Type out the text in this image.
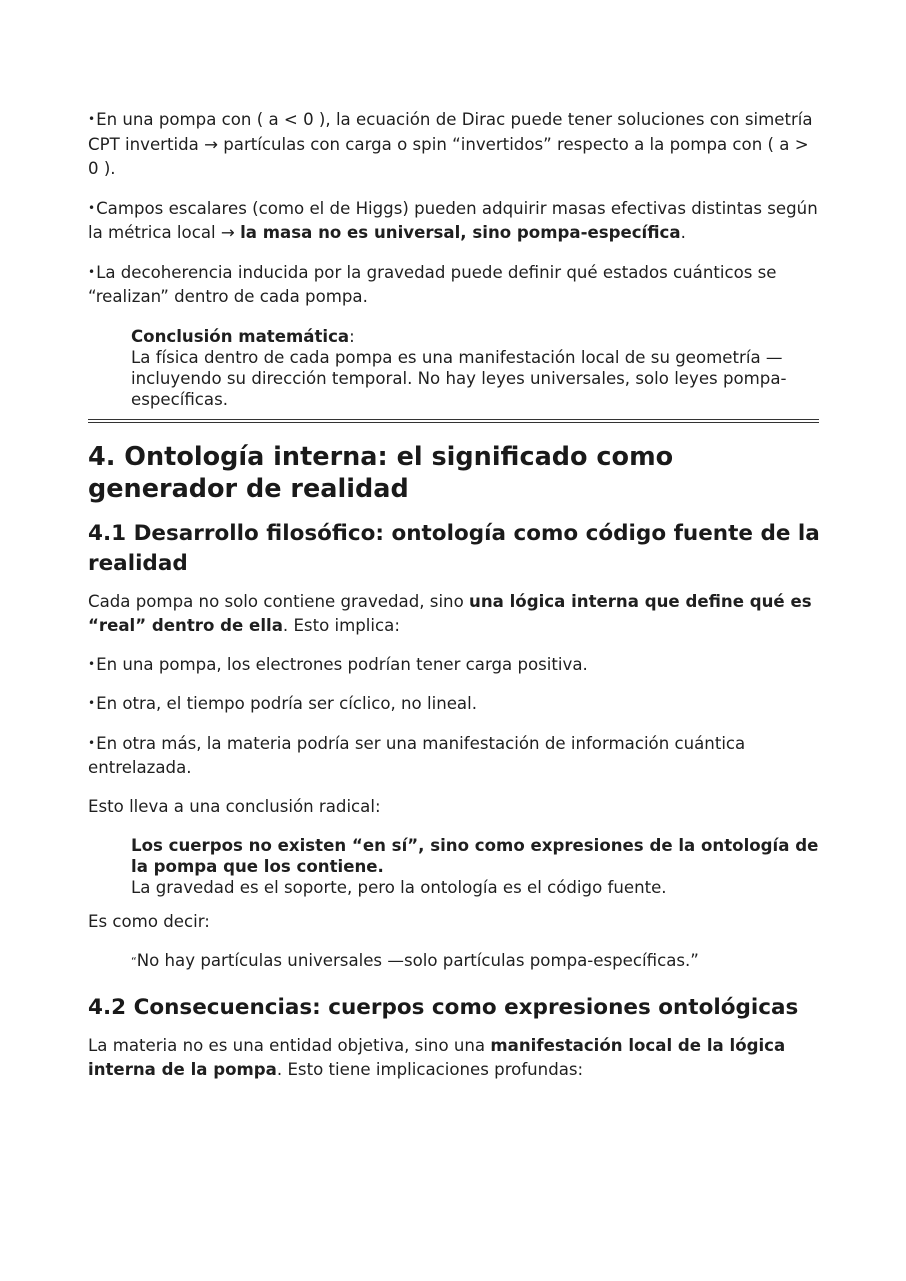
•En una pompa con ( a < 0 ), la ecuación de Dirac puede tener soluciones con simetría CPT invertida → partículas con carga o spin “invertidos” respecto a la pompa con ( a > 0 ).

•Campos escalares (como el de Higgs) pueden adquirir masas efectivas distintas según la métrica local → la masa no es universal, sino pompa-específica.

•La decoherencia inducida por la gravedad puede definir qué estados cuánticos se “realizan” dentro de cada pompa.

Conclusión matemática:
La física dentro de cada pompa es una manifestación local de su geometría —incluyendo su dirección temporal. No hay leyes universales, solo leyes pompa-específicas.
4. Ontología interna: el significado como generador de realidad
4.1 Desarrollo filosófico: ontología como código fuente de la realidad

Cada pompa no solo contiene gravedad, sino una lógica interna que define qué es “real” dentro de ella. Esto implica:

•En una pompa, los electrones podrían tener carga positiva.

•En otra, el tiempo podría ser cíclico, no lineal.

•En otra más, la materia podría ser una manifestación de información cuántica entrelazada.

Esto lleva a una conclusión radical:

Los cuerpos no existen “en sí”, sino como expresiones de la ontología de la pompa que los contiene.
La gravedad es el soporte, pero la ontología es el código fuente.

Es como decir:

“No hay partículas universales —solo partículas pompa-específicas.”

4.2 Consecuencias: cuerpos como expresiones ontológicas

La materia no es una entidad objetiva, sino una manifestación local de la lógica interna de la pompa. Esto tiene implicaciones profundas:
